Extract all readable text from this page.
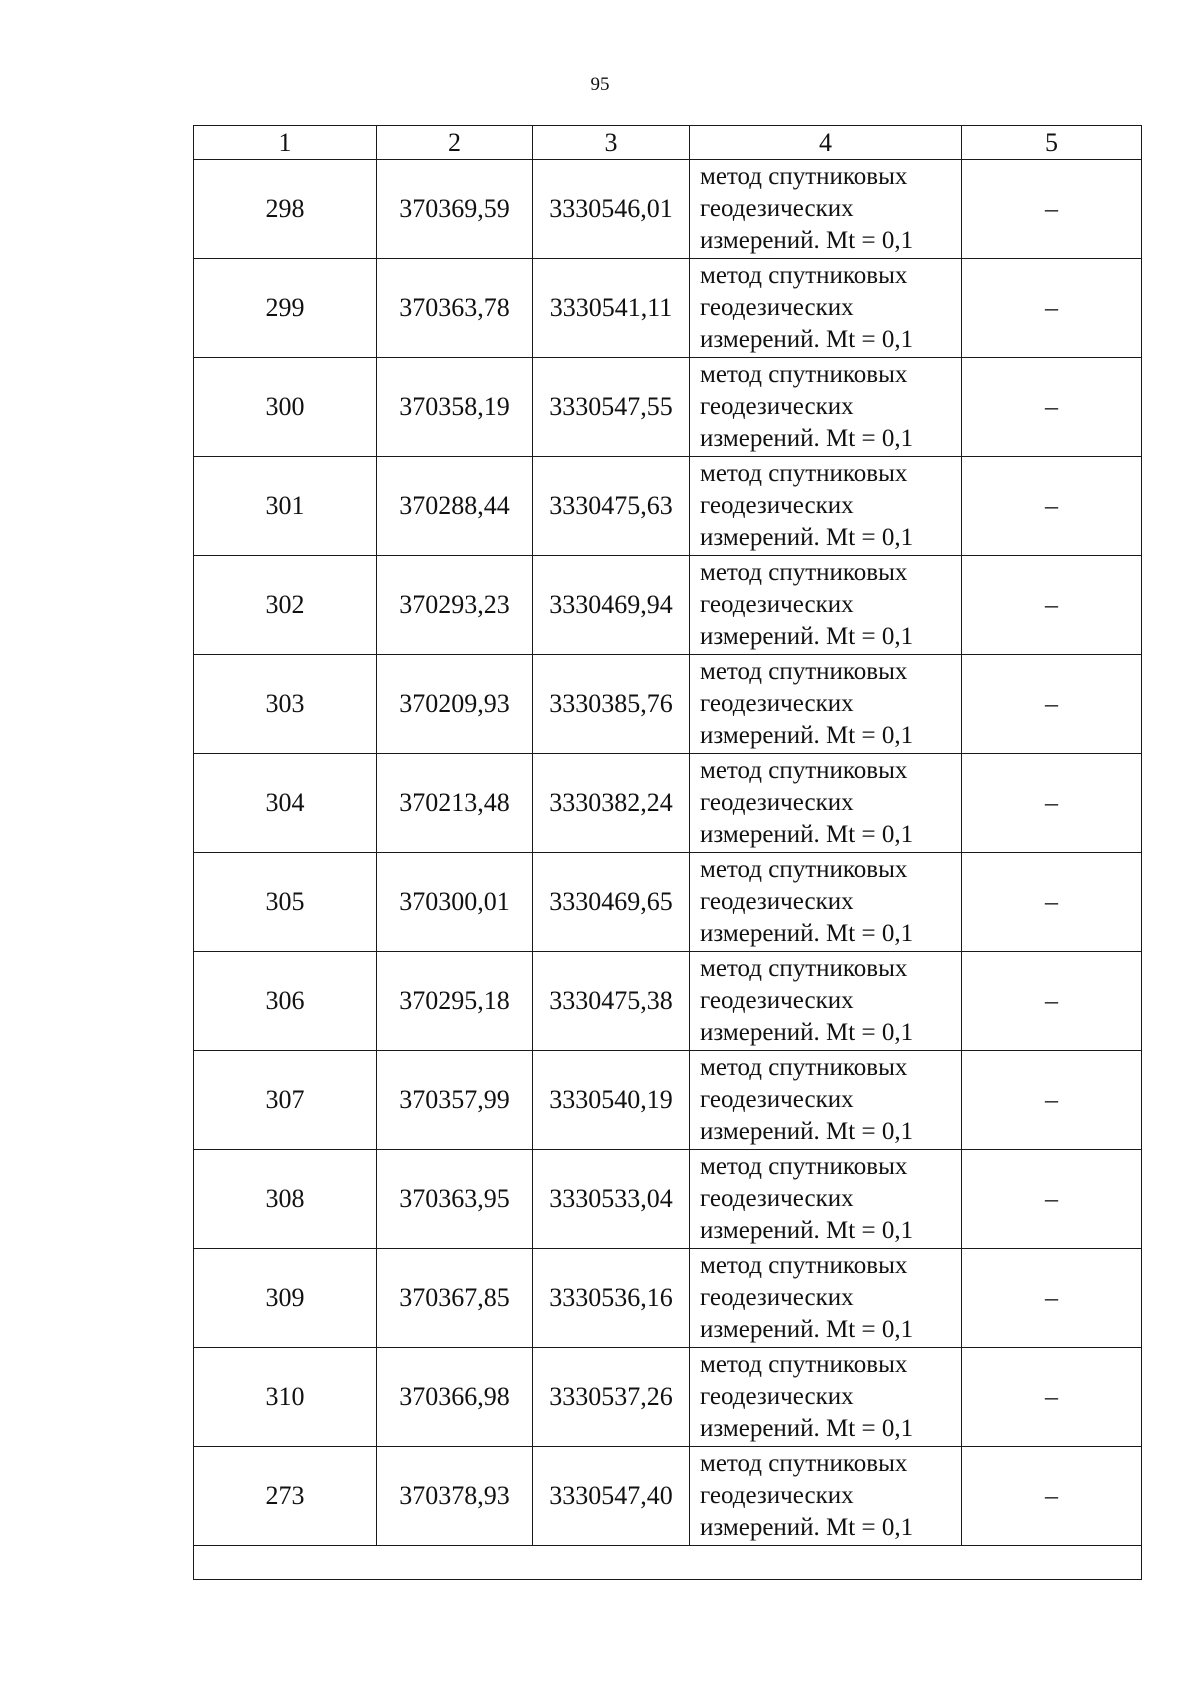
95
1	2	3	4	5
298	370369,59	3330546,01	метод спутниковых
геодезических
измерений. Mt = 0,1	–
299	370363,78	3330541,11	метод спутниковых
геодезических
измерений. Mt = 0,1	–
300	370358,19	3330547,55	метод спутниковых
геодезических
измерений. Mt = 0,1	–
301	370288,44	3330475,63	метод спутниковых
геодезических
измерений. Mt = 0,1	–
302	370293,23	3330469,94	метод спутниковых
геодезических
измерений. Mt = 0,1	–
303	370209,93	3330385,76	метод спутниковых
геодезических
измерений. Mt = 0,1	–
304	370213,48	3330382,24	метод спутниковых
геодезических
измерений. Mt = 0,1	–
305	370300,01	3330469,65	метод спутниковых
геодезических
измерений. Mt = 0,1	–
306	370295,18	3330475,38	метод спутниковых
геодезических
измерений. Mt = 0,1	–
307	370357,99	3330540,19	метод спутниковых
геодезических
измерений. Mt = 0,1	–
308	370363,95	3330533,04	метод спутниковых
геодезических
измерений. Mt = 0,1	–
309	370367,85	3330536,16	метод спутниковых
геодезических
измерений. Mt = 0,1	–
310	370366,98	3330537,26	метод спутниковых
геодезических
измерений. Mt = 0,1	–
273	370378,93	3330547,40	метод спутниковых
геодезических
измерений. Mt = 0,1	–
